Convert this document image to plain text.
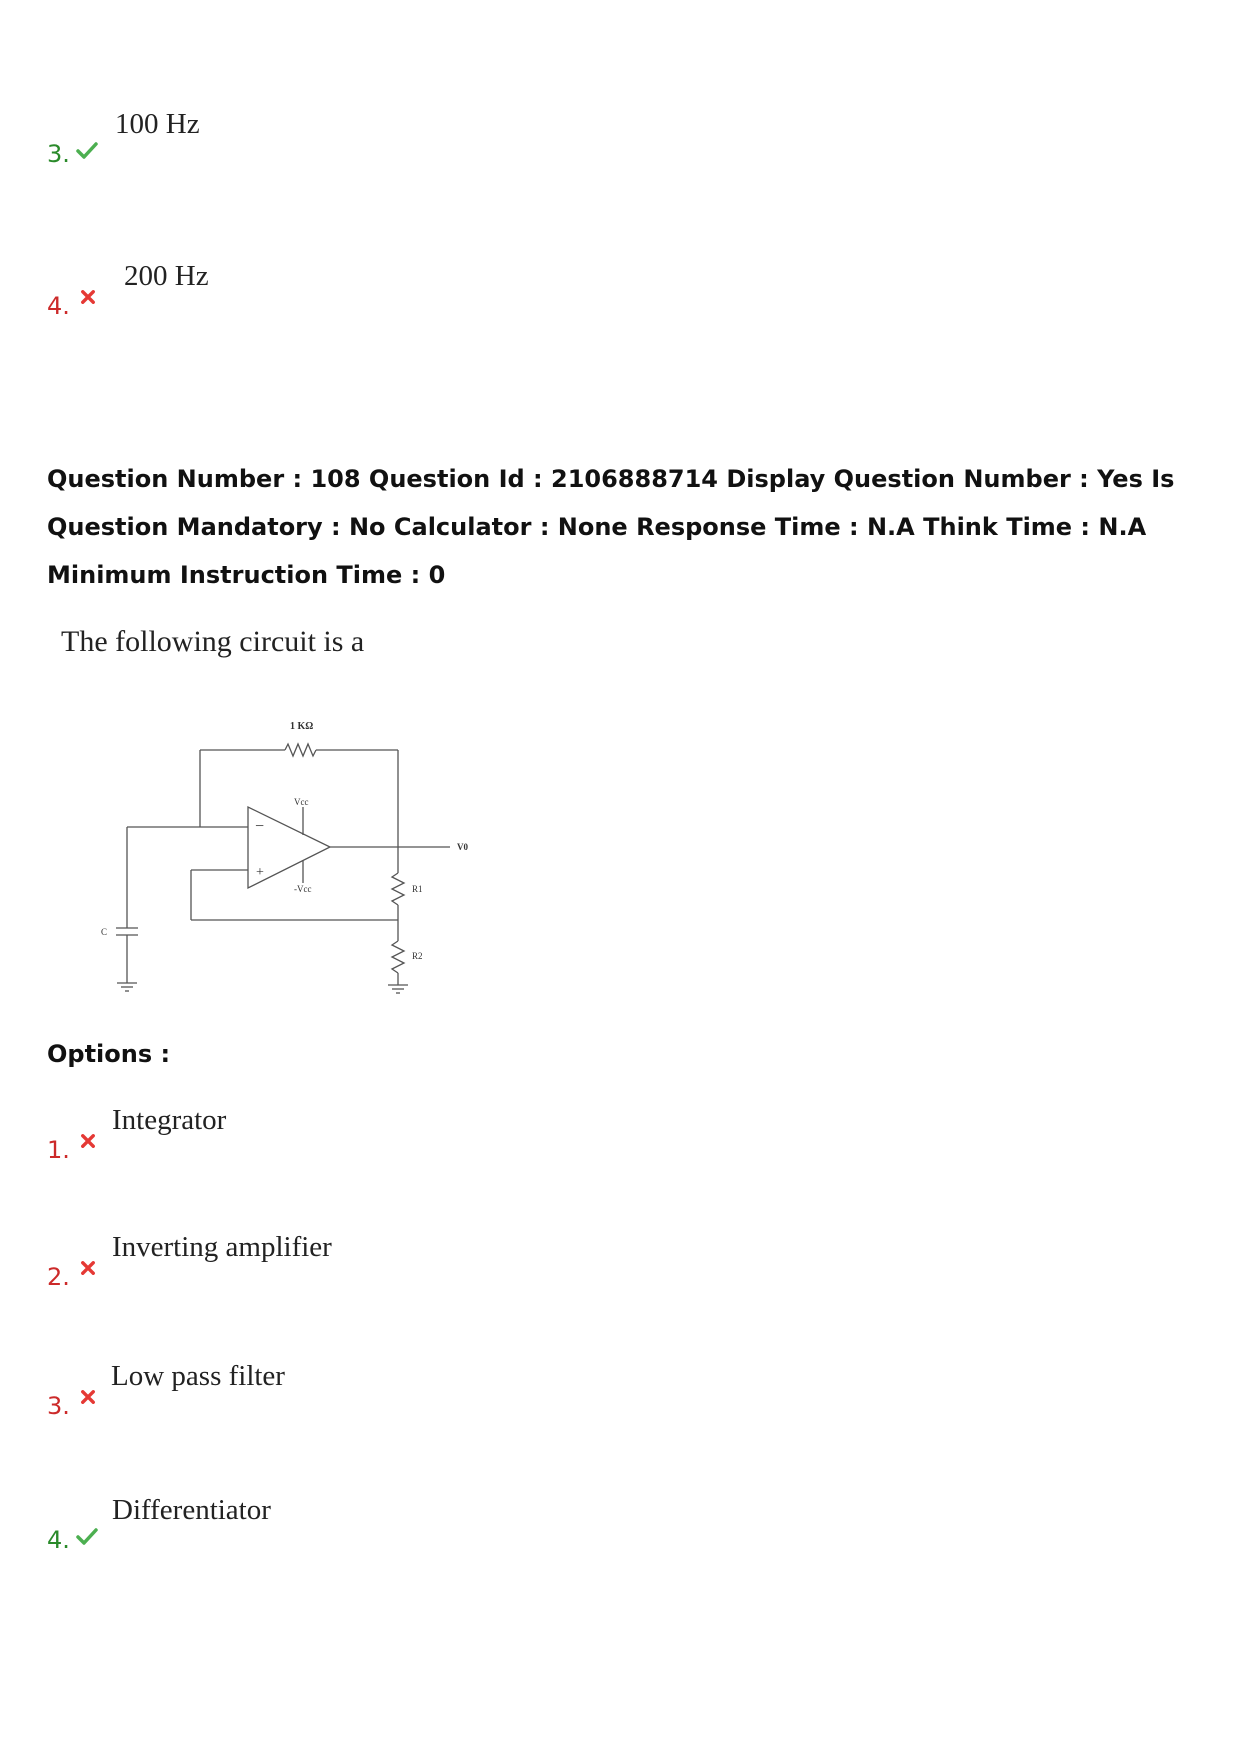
3.
100 Hz
4.
200 Hz
Question Number : 108 Question Id : 2106888714 Display Question Number : Yes Is Question Mandatory : No Calculator : None Response Time : N.A Think Time : N.A Minimum Instruction Time : 0
The following circuit is a
1 KΩ
Vcc
-Vcc
V0
R1
R2
C
−
+
Options :
1.
Integrator
2.
Inverting amplifier
3.
Low pass filter
4.
Differentiator
